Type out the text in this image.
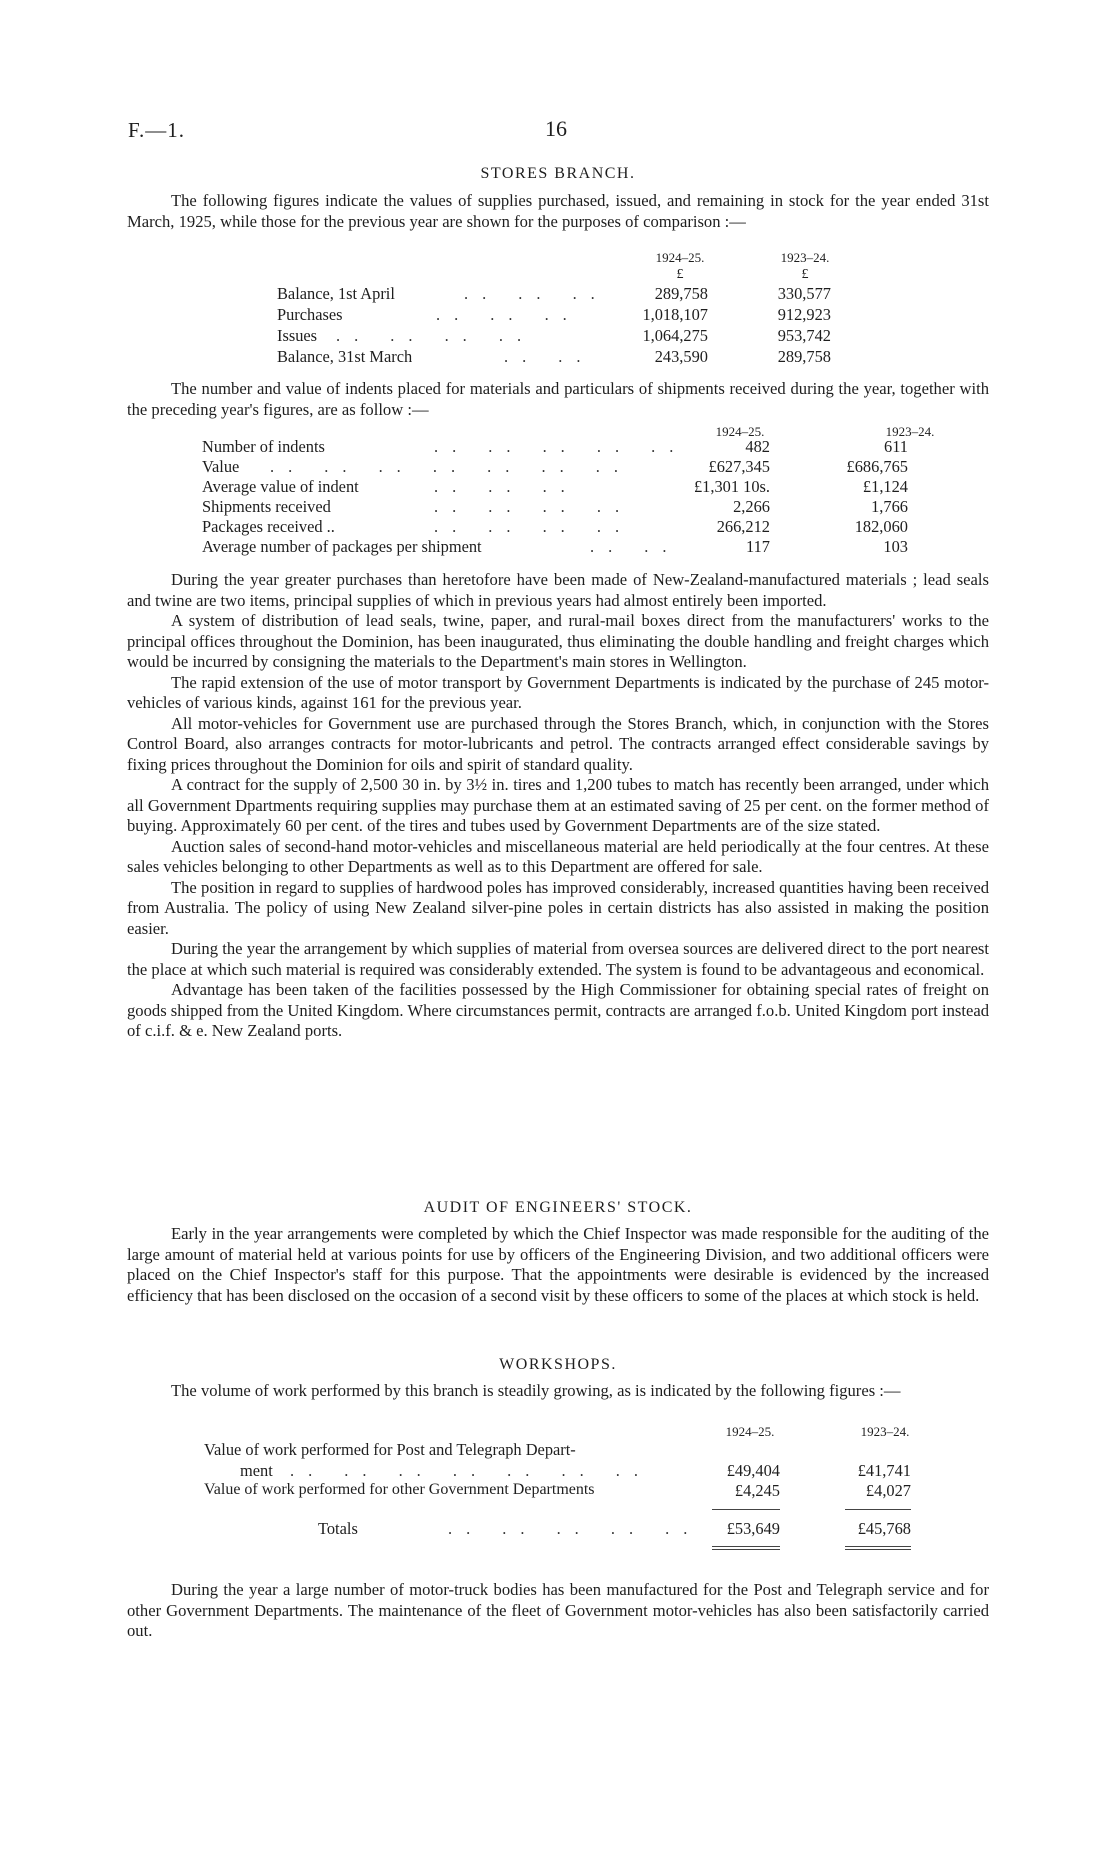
F.—1.	16
STORES BRANCH.

The following figures indicate the values of supplies purchased, issued, and remaining in stock for the year ended 31st March, 1925, while those for the previous year are shown for the purposes of comparison :—

1924–25.	1923–24.
£	£
Balance, 1st April	.. .. ..	289,758	330,577
Purchases	.. .. ..	1,018,107	912,923
Issues .. .. .. ..	1,064,275	953,742
Balance, 31st March	.. ..	243,590	289,758

The number and value of indents placed for materials and particulars of shipments received during the year, together with the preceding year's figures, are as follow :—

1924–25.	1923–24.
Number of indents	.. .. .. .. ..	482	611
Value .. .. .. .. .. .. ..	£627,345	£686,765
Average value of indent	.. .. ..	£1,301 10s.	£1,124
Shipments received	.. .. .. ..	2,266	1,766
Packages received ..	.. .. .. ..	266,212	182,060
Average number of packages per shipment	.. ..	117	103

During the year greater purchases than heretofore have been made of New-Zealand-manufactured materials ; lead seals and twine are two items, principal supplies of which in previous years had almost entirely been imported.

A system of distribution of lead seals, twine, paper, and rural-mail boxes direct from the manufacturers' works to the principal offices throughout the Dominion, has been inaugurated, thus eliminating the double handling and freight charges which would be incurred by consigning the materials to the Department's main stores in Wellington.

The rapid extension of the use of motor transport by Government Departments is indicated by the purchase of 245 motor-vehicles of various kinds, against 161 for the previous year.

All motor-vehicles for Government use are purchased through the Stores Branch, which, in conjunction with the Stores Control Board, also arranges contracts for motor-lubricants and petrol. The contracts arranged effect considerable savings by fixing prices throughout the Dominion for oils and spirit of standard quality.

A contract for the supply of 2,500 30 in. by 3½ in. tires and 1,200 tubes to match has recently been arranged, under which all Government Dpartments requiring supplies may purchase them at an estimated saving of 25 per cent. on the former method of buying. Approximately 60 per cent. of the tires and tubes used by Government Departments are of the size stated.

Auction sales of second-hand motor-vehicles and miscellaneous material are held periodically at the four centres. At these sales vehicles belonging to other Departments as well as to this Department are offered for sale.

The position in regard to supplies of hardwood poles has improved considerably, increased quantities having been received from Australia. The policy of using New Zealand silver-pine poles in certain districts has also assisted in making the position easier.

During the year the arrangement by which supplies of material from oversea sources are delivered direct to the port nearest the place at which such material is required was considerably extended. The system is found to be advantageous and economical.

Advantage has been taken of the facilities possessed by the High Commissioner for obtaining special rates of freight on goods shipped from the United Kingdom. Where circumstances permit, contracts are arranged f.o.b. United Kingdom port instead of c.i.f. & e. New Zealand ports.

AUDIT OF ENGINEERS' STOCK.

Early in the year arrangements were completed by which the Chief Inspector was made responsible for the auditing of the large amount of material held at various points for use by officers of the Engineering Division, and two additional officers were placed on the Chief Inspector's staff for this purpose. That the appointments were desirable is evidenced by the increased efficiency that has been disclosed on the occasion of a second visit by these officers to some of the places at which stock is held.

WORKSHOPS.

The volume of work performed by this branch is steadily growing, as is indicated by the following figures :—

1924–25.	1923–24.
Value of work performed for Post and Telegraph Depart-
ment .. .. .. .. .. .. ..	£49,404	£41,741
Value of work performed for other Government Departments	£4,245	£4,027
Totals	.. .. .. .. ..	£53,649	£45,768

During the year a large number of motor-truck bodies has been manufactured for the Post and Telegraph service and for other Government Departments. The maintenance of the fleet of Government motor-vehicles has also been satisfactorily carried out.
